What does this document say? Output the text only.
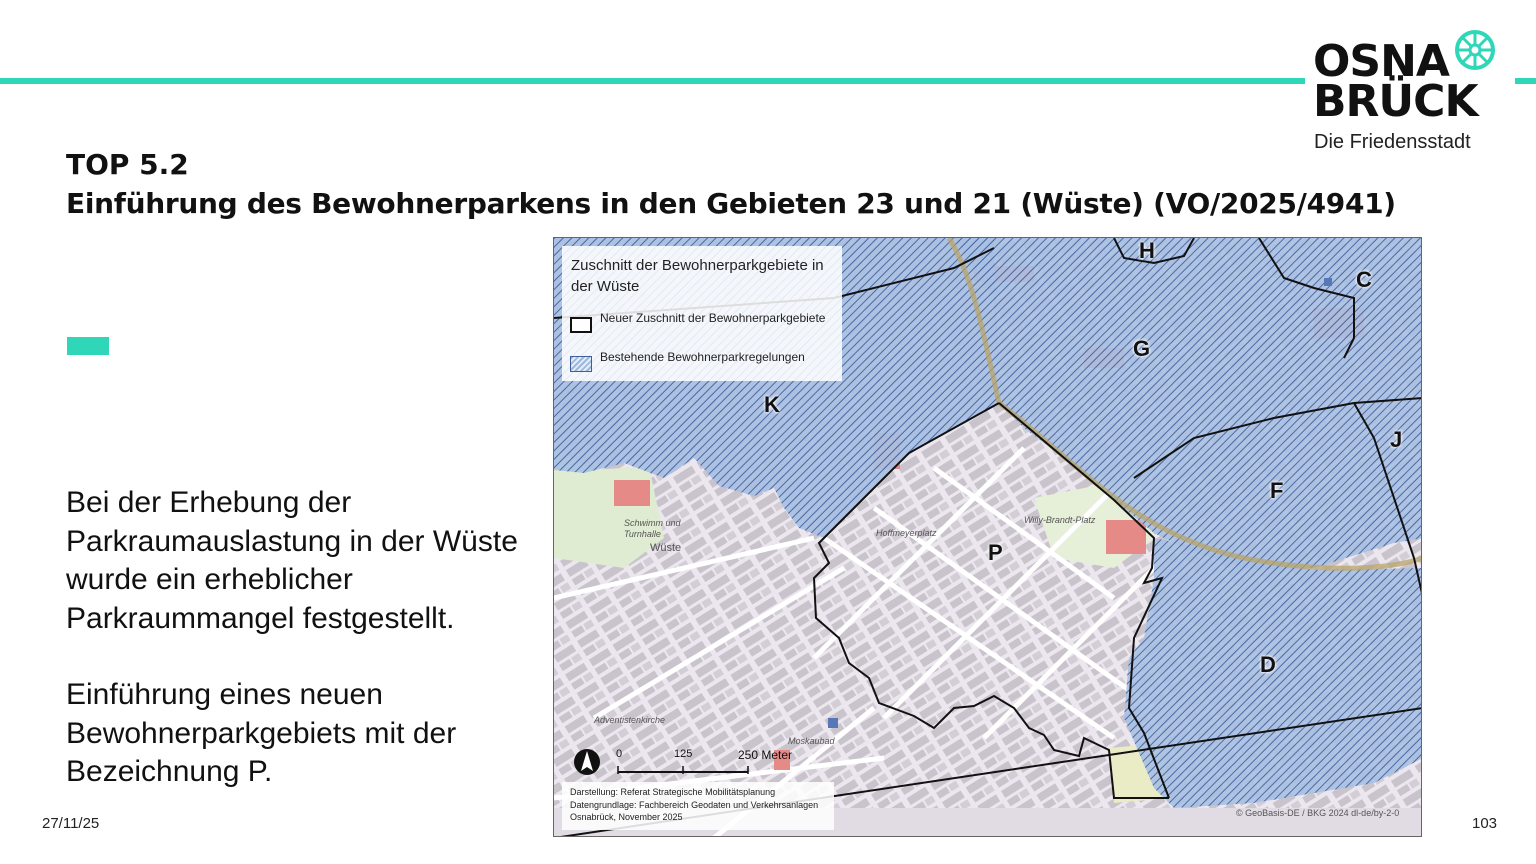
OSNA
BRÜCK
Die Friedensstadt
TOP 5.2
Einführung des Bewohnerparkens in den Gebieten 23 und 21 (Wüste) (VO/2025/4941)
Bei der Erhebung der Parkraumauslastung in der Wüste wurde ein erheblicher Parkraummangel festgestellt.
Einführung eines neuen Bewohnerparkgebiets mit der Bezeichnung P.
Zuschnitt der Bewohnerparkgebiete in der Wüste
Neuer Zuschnitt der Bewohnerparkgebiete
Bestehende Bewohnerparkregelungen
K
H
C
G
J
F
P
D
Schwimm und Turnhalle
Wüste
Hoffmeyerplatz
Willy-Brandt-Platz
Moskaubad
Adventistenkirche
0	125	250 Meter
Darstellung: Referat Strategische Mobilitätsplanung
Datengrundlage: Fachbereich Geodaten und Verkehrsanlagen
Osnabrück, November 2025	© GeoBasis-DE / BKG 2024 dl-de/by-2-0
27/11/25	103
